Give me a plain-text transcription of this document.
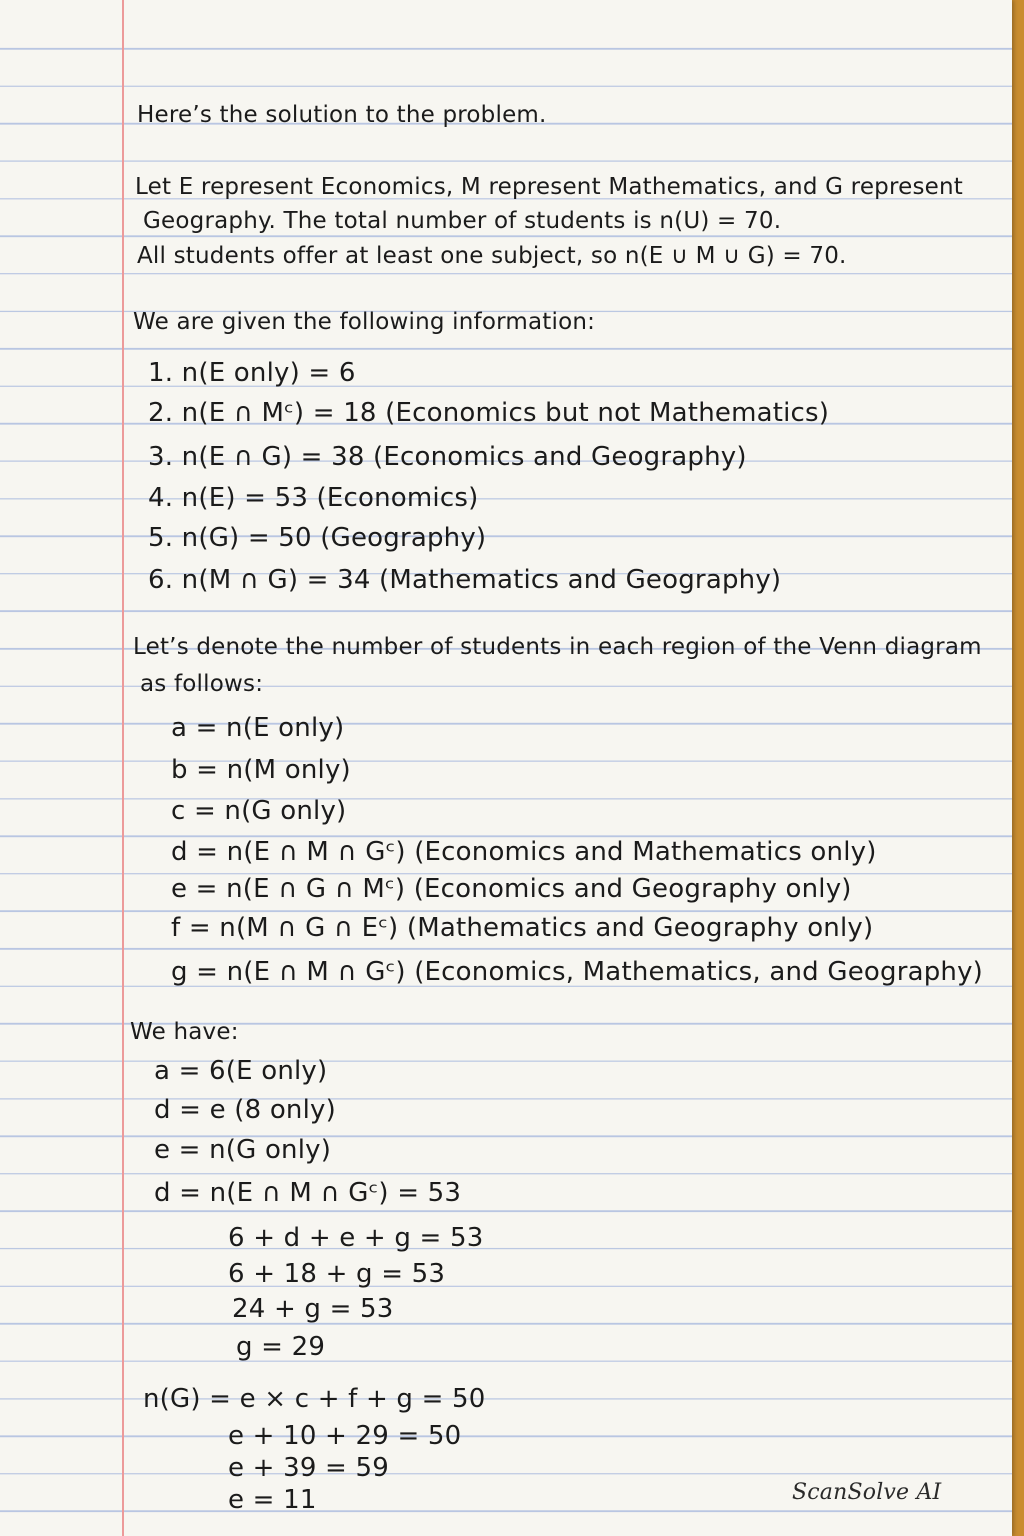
Here’s the solution to the problem.
Let E represent Economics, M represent Mathematics, and G represent
Geography. The total number of students is n(U) = 70.
All students offer at least one subject, so n(E ∪ M ∪ G) = 70.
We are given the following information:
1. n(E only) = 6
2. n(E ∩ Mᶜ) = 18 (Economics but not Mathematics)
3. n(E ∩ G) = 38 (Economics and Geography)
4. n(E) = 53 (Economics)
5. n(G) = 50 (Geography)
6. n(M ∩ G) = 34 (Mathematics and Geography)
Let’s denote the number of students in each region of the Venn diagram
as follows:
a = n(E only)
b = n(M only)
c = n(G only)
d = n(E ∩ M ∩ Gᶜ) (Economics and Mathematics only)
e = n(E ∩ G ∩ Mᶜ) (Economics and Geography only)
f = n(M ∩ G ∩ Eᶜ) (Mathematics and Geography only)
g = n(E ∩ M ∩ Gᶜ) (Economics, Mathematics, and Geography)
We have:
a = 6(E only)
d = e (8 only)
e = n(G only)
d = n(E ∩ M ∩ Gᶜ) = 53
6 + d + e + g = 53
6 + 18 + g = 53
24 + g = 53
g = 29
n(G) = e × c + f + g = 50
e + 10 + 29 = 50
e + 39 = 59
e = 11	ScanSolve AI
